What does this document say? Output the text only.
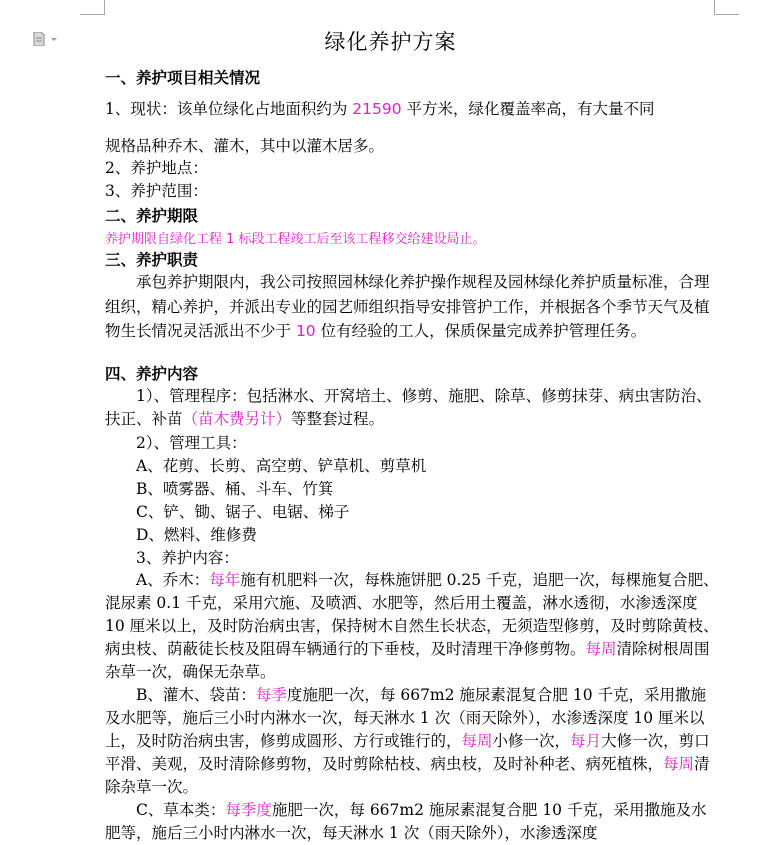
绿化养护方案
一、养护项目相关情况
1、现状：该单位绿化占地面积约为 21590 平方米，绿化覆盖率高，有大量不同
规格品种乔木、灌木，其中以灌木居多。
2、养护地点：
3、养护范围：
二、养护期限
养护期限自绿化工程 1 标段工程竣工后至该工程移交给建设局止。
三、养护职责

承包养护期限内，我公司按照园林绿化养护操作规程及园林绿化养护质量标准，合理组织，精心养护，并派出专业的园艺师组织指导安排管护工作，并根据各个季节天气及植物生长情况灵活派出不少于 10 位有经验的工人，保质保量完成养护管理任务。

四、养护内容

1）、管理程序：包括淋水、开窝培土、修剪、施肥、除草、修剪抹芽、病虫害防治、扶正、补苗（苗木费另计）等整套过程。

2）、管理工具：
A、花剪、长剪、高空剪、铲草机、剪草机
B、喷雾器、桶、斗车、竹箕
C、铲、锄、锯子、电锯、梯子
D、燃料、维修费
3、养护内容：

A、乔木：每年施有机肥料一次，每株施饼肥 0.25 千克，追肥一次，每棵施复合肥、混尿素 0.1 千克，采用穴施、及喷洒、水肥等，然后用土覆盖，淋水透彻，水渗透深度 10 厘米以上，及时防治病虫害，保持树木自然生长状态，无须造型修剪，及时剪除黄枝、病虫枝、荫蔽徒长枝及阻碍车辆通行的下垂枝，及时清理干净修剪物。每周清除树根周围杂草一次，确保无杂草。

B、灌木、袋苗：每季度施肥一次，每 667m2 施尿素混复合肥 10 千克，采用撒施及水肥等，施后三小时内淋水一次，每天淋水 1 次（雨天除外），水渗透深度 10 厘米以上，及时防治病虫害，修剪成圆形、方行或锥行的，每周小修一次，每月大修一次，剪口平滑、美观，及时清除修剪物，及时剪除枯枝、病虫枝，及时补种老、病死植株，每周清除杂草一次。

C、草本类：每季度施肥一次，每 667m2 施尿素混复合肥 10 千克，采用撒施及水肥等，施后三小时内淋水一次，每天淋水 1 次（雨天除外），水渗透深度
